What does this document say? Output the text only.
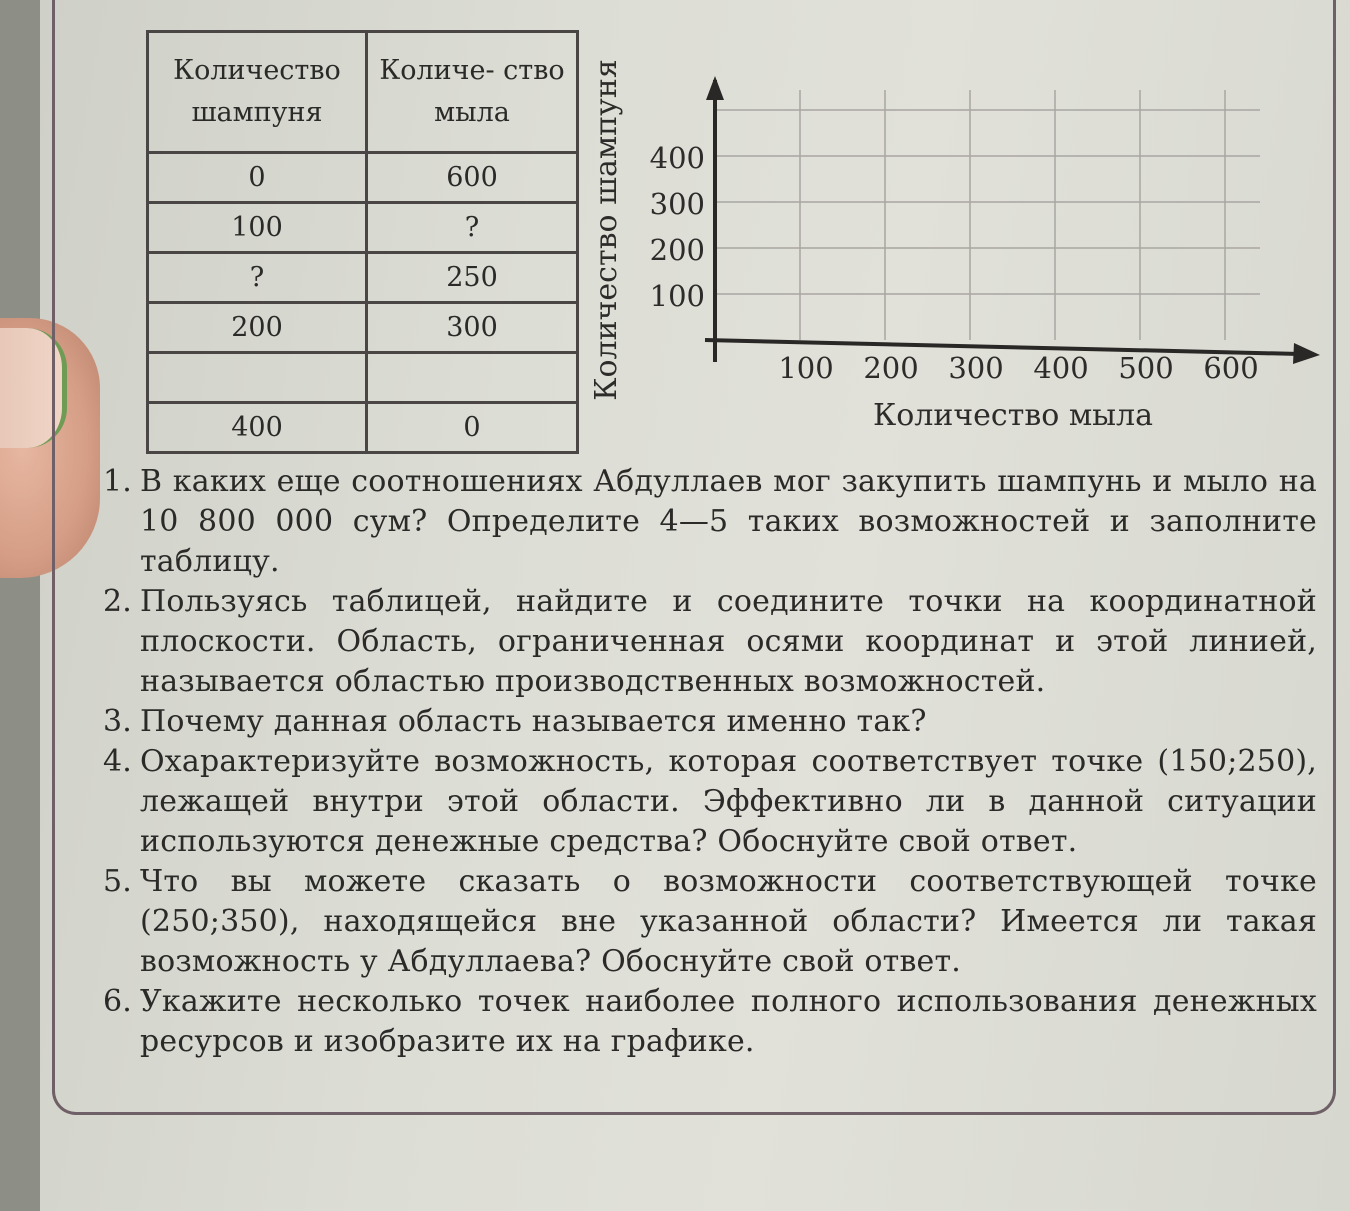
Количество шампуня	Количе- ство мыла
0	600
100	?
?	250
200	300

400	0
100 200 300 400 500 600
100
200
300
400
Количество мыла
Количество шампуня
1. В каких еще соотношениях Абдуллаев мог закупить шампунь и мыло на 10 800 000 сум? Определите 4—5 таких возможностей и заполните таблицу.
2. Пользуясь таблицей, найдите и соедините точки на координатной плоскости. Область, ограниченная осями координат и этой линией, называется областью производственных возможностей.
3. Почему данная область называется именно так?
4. Охарактеризуйте возможность, которая соответствует точке (150;250), лежащей внутри этой области. Эффективно ли в данной ситуации используются денежные средства? Обоснуйте свой ответ.
5. Что вы можете сказать о возможности соответствующей точке (250;350), находящейся вне указанной области? Имеется ли такая возможность у Абдуллаева? Обоснуйте свой ответ.
6. Укажите несколько точек наиболее полного использования денежных ресурсов и изобразите их на графике.
